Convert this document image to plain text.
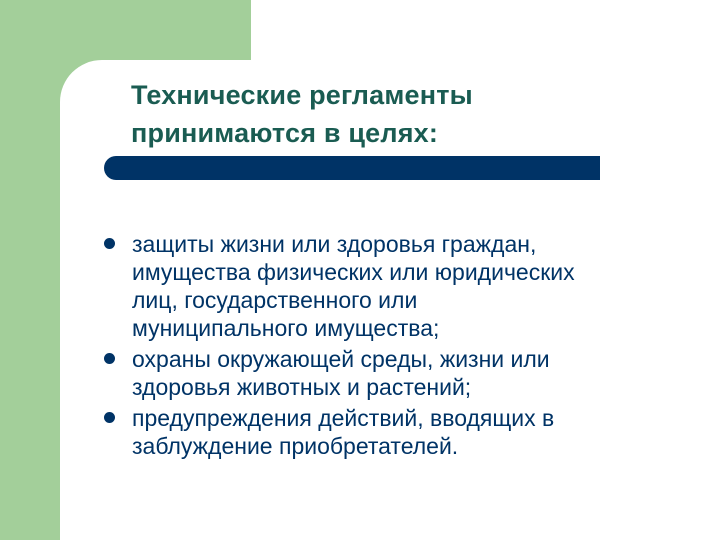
Технические регламенты
принимаются в целях:
защиты жизни или здоровья граждан,
имущества физических или юридических
лиц, государственного или
муниципального имущества;
охраны окружающей среды, жизни или
здоровья животных и растений;
предупреждения действий, вводящих в
заблуждение приобретателей.
